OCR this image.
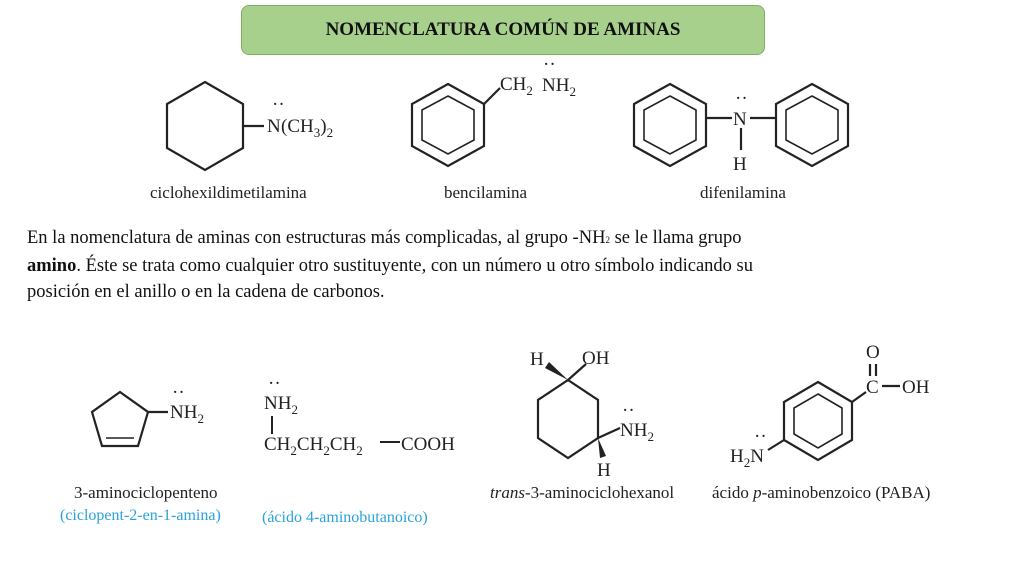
NOMENCLATURA COMÚN DE AMINAS
N
··
$(CH_3)_2$
ciclohexildimetilamina
$CH_2$ $NH_2$
··
bencilamina
N
··
H
difenilamina
$NH_2$
··
3-aminociclopenteno
(ciclopent-2-en-1-amina)
$NH_2$
··
$CH_2CH_2CH_2$ COOH
(ácido 4-aminobutanoico)
H OH
$NH_2$
··
H
trans-3-aminociclohexanol
O
C OH
$H_2N$
··
ácido p-aminobenzoico (PABA)
En la nomenclatura de aminas con estructuras más complicadas, al grupo -NH2 se le llama grupo
amino. Éste se trata como cualquier otro sustituyente, con un número u otro símbolo indicando su
posición en el anillo o en la cadena de carbonos.
